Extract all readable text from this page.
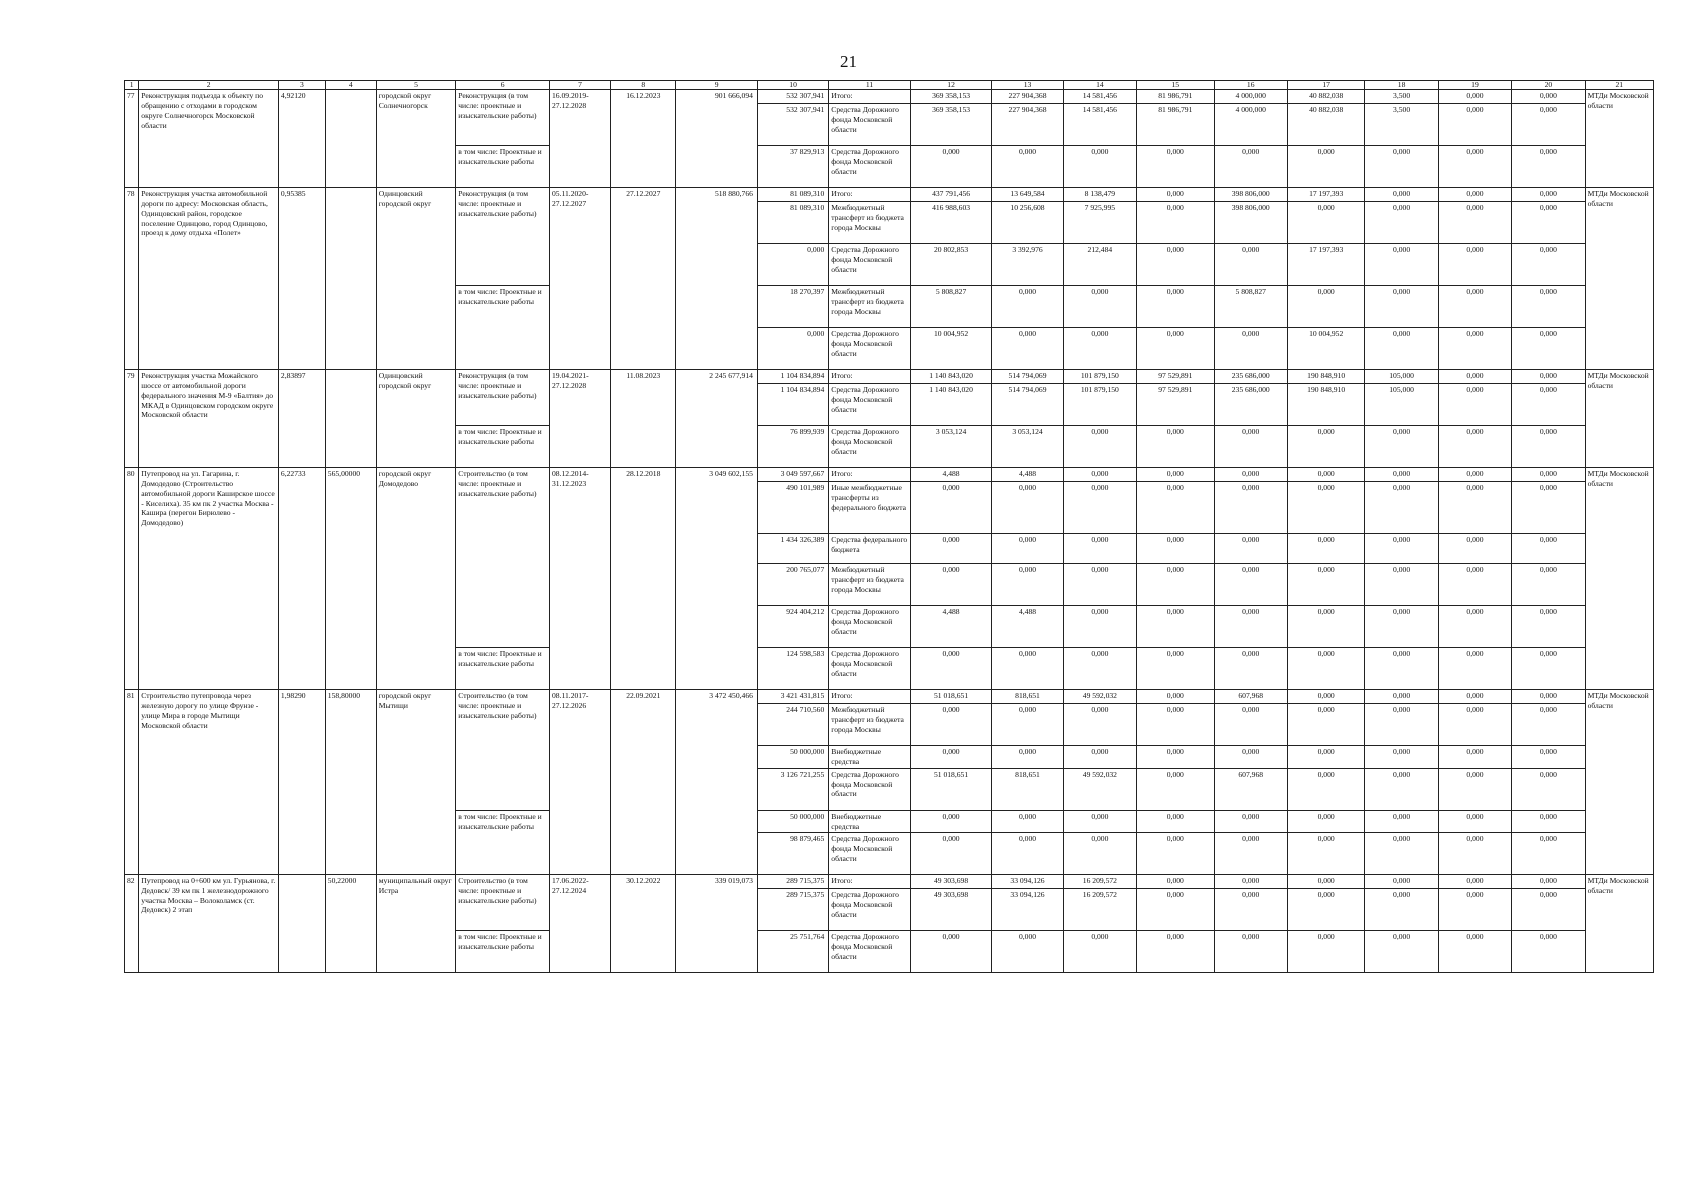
21
1	2	3	4	5	6	7	8	9	10	11	12	13	14	15	16	17	18	19	20	21
77	Реконструкция подъезда к объекту по обращению с отходами в городском округе Солнечногорск Московской области	4,92120		городской округ Солнечногорск	Реконструкция (в том числе: проектные и изыскательские работы)	16.09.2019-27.12.2028	16.12.2023	901 666,094	532 307,941	Итого:	369 358,153	227 904,368	14 581,456	81 986,791	4 000,000	40 882,038	3,500	0,000	0,000	МТДи Московской области
									532 307,941	Средства Дорожного фонда Московской области	369 358,153	227 904,368	14 581,456	81 986,791	4 000,000	40 882,038	3,500	0,000	0,000	
					в том числе: Проектные и изыскательские работы				37 829,913	Средства Дорожного фонда Московской области	0,000	0,000	0,000	0,000	0,000	0,000	0,000	0,000	0,000	
78	Реконструкция участка автомобильной дороги по адресу: Московская область, Одинцовский район, городское поселение Одинцово, город Одинцово, проезд к дому отдыха «Полет»	0,95385		Одинцовский городской округ	Реконструкция (в том числе: проектные и изыскательские работы)	05.11.2020-27.12.2027	27.12.2027	518 880,766	81 089,310	Итого:	437 791,456	13 649,584	8 138,479	0,000	398 806,000	17 197,393	0,000	0,000	0,000	МТДи Московской области
									81 089,310	Межбюджетный трансферт из бюджета города Москвы	416 988,603	10 256,608	7 925,995	0,000	398 806,000	0,000	0,000	0,000	0,000	
									0,000	Средства Дорожного фонда Московской области	20 802,853	3 392,976	212,484	0,000	0,000	17 197,393	0,000	0,000	0,000	
					в том числе: Проектные и изыскательские работы				18 270,397	Межбюджетный трансферт из бюджета города Москвы	5 808,827	0,000	0,000	0,000	5 808,827	0,000	0,000	0,000	0,000	
									0,000	Средства Дорожного фонда Московской области	10 004,952	0,000	0,000	0,000	0,000	10 004,952	0,000	0,000	0,000	
79	Реконструкция участка Можайского шоссе от автомобильной дороги федерального значения М-9 «Балтия» до МКАД в Одинцовском городском округе Московской области	2,83897		Одинцовский городской округ	Реконструкция (в том числе: проектные и изыскательские работы)	19.04.2021-27.12.2028	11.08.2023	2 245 677,914	1 104 834,894	Итого:	1 140 843,020	514 794,069	101 879,150	97 529,891	235 686,000	190 848,910	105,000	0,000	0,000	МТДи Московской области
									1 104 834,894	Средства Дорожного фонда Московской области	1 140 843,020	514 794,069	101 879,150	97 529,891	235 686,000	190 848,910	105,000	0,000	0,000	
					в том числе: Проектные и изыскательские работы				76 899,939	Средства Дорожного фонда Московской области	3 053,124	3 053,124	0,000	0,000	0,000	0,000	0,000	0,000	0,000	
80	Путепровод на ул. Гагарина, г. Домодедово (Строительство автомобильной дороги Каширское шоссе - Киселиха). 35 км пк 2 участка Москва - Кашира (перегон Бирюлево - Домодедово)	6,22733	565,00000	городской округ Домодедово	Строительство (в том числе: проектные и изыскательские работы)	08.12.2014-31.12.2023	28.12.2018	3 049 602,155	3 049 597,667	Итого:	4,488	4,488	0,000	0,000	0,000	0,000	0,000	0,000	0,000	МТДи Московской области
									490 101,989	Иные межбюджетные трансферты из федерального бюджета	0,000	0,000	0,000	0,000	0,000	0,000	0,000	0,000	0,000	
									1 434 326,389	Средства федерального бюджета	0,000	0,000	0,000	0,000	0,000	0,000	0,000	0,000	0,000	
									200 765,077	Межбюджетный трансферт из бюджета города Москвы	0,000	0,000	0,000	0,000	0,000	0,000	0,000	0,000	0,000	
									924 404,212	Средства Дорожного фонда Московской области	4,488	4,488	0,000	0,000	0,000	0,000	0,000	0,000	0,000	
					в том числе: Проектные и изыскательские работы				124 598,583	Средства Дорожного фонда Московской области	0,000	0,000	0,000	0,000	0,000	0,000	0,000	0,000	0,000	
81	Строительство путепровода через железную дорогу по улице Фрунзе - улице Мира в городе Мытищи Московской области	1,98290	158,80000	городской округ Мытищи	Строительство (в том числе: проектные и изыскательские работы)	08.11.2017-27.12.2026	22.09.2021	3 472 450,466	3 421 431,815	Итого:	51 018,651	818,651	49 592,032	0,000	607,968	0,000	0,000	0,000	0,000	МТДи Московской области
									244 710,560	Межбюджетный трансферт из бюджета города Москвы	0,000	0,000	0,000	0,000	0,000	0,000	0,000	0,000	0,000	
									50 000,000	Внебюджетные средства	0,000	0,000	0,000	0,000	0,000	0,000	0,000	0,000	0,000	
									3 126 721,255	Средства Дорожного фонда Московской области	51 018,651	818,651	49 592,032	0,000	607,968	0,000	0,000	0,000	0,000	
					в том числе: Проектные и изыскательские работы				50 000,000	Внебюджетные средства	0,000	0,000	0,000	0,000	0,000	0,000	0,000	0,000	0,000	
									98 879,465	Средства Дорожного фонда Московской области	0,000	0,000	0,000	0,000	0,000	0,000	0,000	0,000	0,000	
82	Путепровод на 0+600 км ул. Гурьянова, г. Дедовск/ 39 км пк 1 железнодорожного участка Москва – Волоколамск (ст. Дедовск) 2 этап		50,22000	муниципальный округ Истра	Строительство (в том числе: проектные и изыскательские работы)	17.06.2022-27.12.2024	30.12.2022	339 019,073	289 715,375	Итого:	49 303,698	33 094,126	16 209,572	0,000	0,000	0,000	0,000	0,000	0,000	МТДи Московской области
									289 715,375	Средства Дорожного фонда Московской области	49 303,698	33 094,126	16 209,572	0,000	0,000	0,000	0,000	0,000	0,000	
					в том числе: Проектные и изыскательские работы				25 751,764	Средства Дорожного фонда Московской области	0,000	0,000	0,000	0,000	0,000	0,000	0,000	0,000	0,000	
